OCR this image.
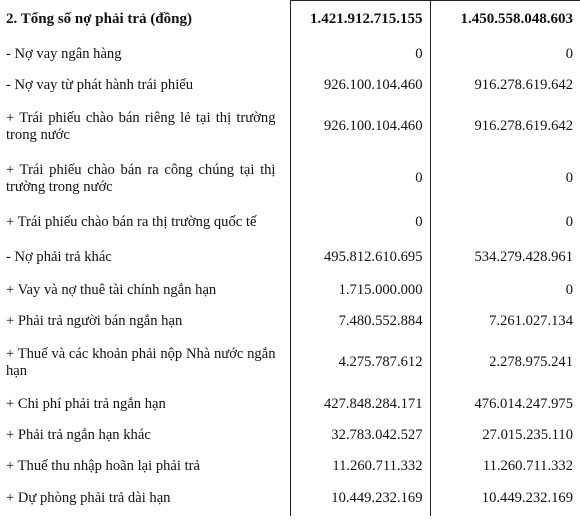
2. Tổng số nợ phải trả (đồng)	1.421.912.715.155	1.450.558.048.603
- Nợ vay ngân hàng	0	0
- Nợ vay từ phát hành trái phiếu	926.100.104.460	916.278.619.642
+ Trái phiếu chào bán riêng lẻ tại thị trường trong nước	926.100.104.460	916.278.619.642
+ Trái phiếu chào bán ra công chúng tại thị trường trong nước	0	0
+ Trái phiếu chào bán ra thị trường quốc tế	0	0
- Nợ phải trả khác	495.812.610.695	534.279.428.961
+ Vay và nợ thuê tài chính ngắn hạn	1.715.000.000	0
+ Phải trả người bán ngắn hạn	7.480.552.884	7.261.027.134
+ Thuế và các khoản phải nộp Nhà nước ngắn hạn	4.275.787.612	2.278.975.241
+ Chi phí phải trả ngắn hạn	427.848.284.171	476.014.247.975
+ Phải trả ngắn hạn khác	32.783.042.527	27.015.235.110
+ Thuế thu nhập hoãn lại phải trả	11.260.711.332	11.260.711.332
+ Dự phòng phải trả dài hạn	10.449.232.169	10.449.232.169
